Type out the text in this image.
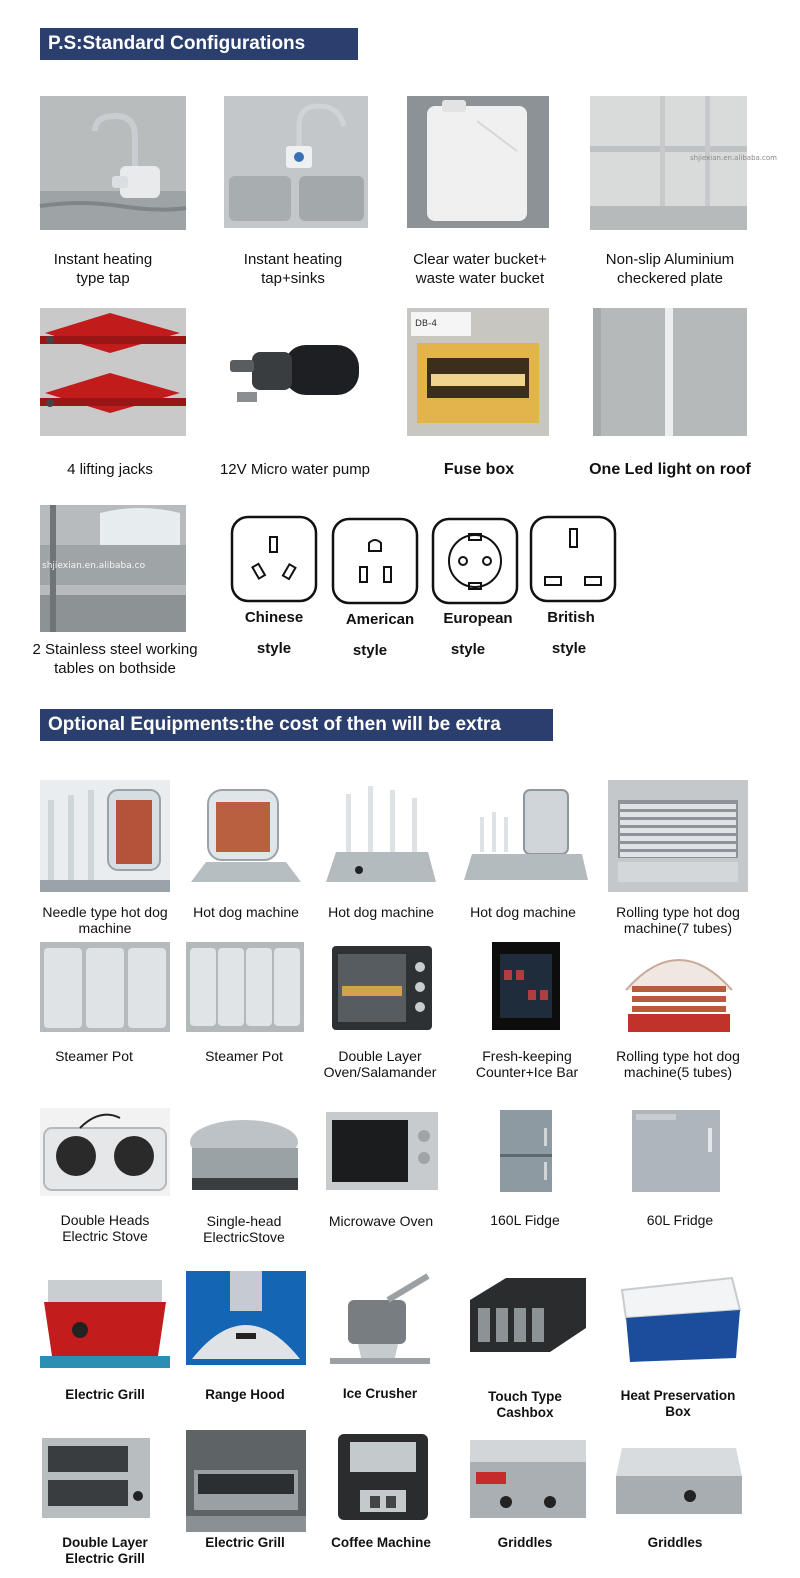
P.S:Standard Configurations
shjiexian.en.alibaba.com
Instant heating
type tap
Instant heating
tap+sinks
Clear water bucket+
waste water bucket
Non-slip Aluminium
checkered plate
DB-4
4 lifting jacks	12V Micro water pump	Fuse box	One Led light on roof
shjiexian.en.alibaba.co
2 Stainless steel working
tables on bothside
Chinese
style
American
style
European
style
British
style
Optional Equipments:the cost of then will be extra
Needle type hot dog
machine
Hot dog machine	Hot dog machine	Hot dog machine	Rolling type hot dog
machine(7 tubes)
Steamer Pot	Steamer Pot	Double Layer
Oven/Salamander
Fresh-keeping
Counter+Ice Bar
Rolling type hot dog
machine(5 tubes)
Double Heads
Electric Stove
Single-head
ElectricStove
Microwave Oven	160L Fidge	60L Fridge
Electric Grill	Range Hood	Ice Crusher	Touch Type
Cashbox
Heat Preservation
Box
Double Layer
Electric Grill
Electric Grill	Coffee Machine	Griddles	Griddles
